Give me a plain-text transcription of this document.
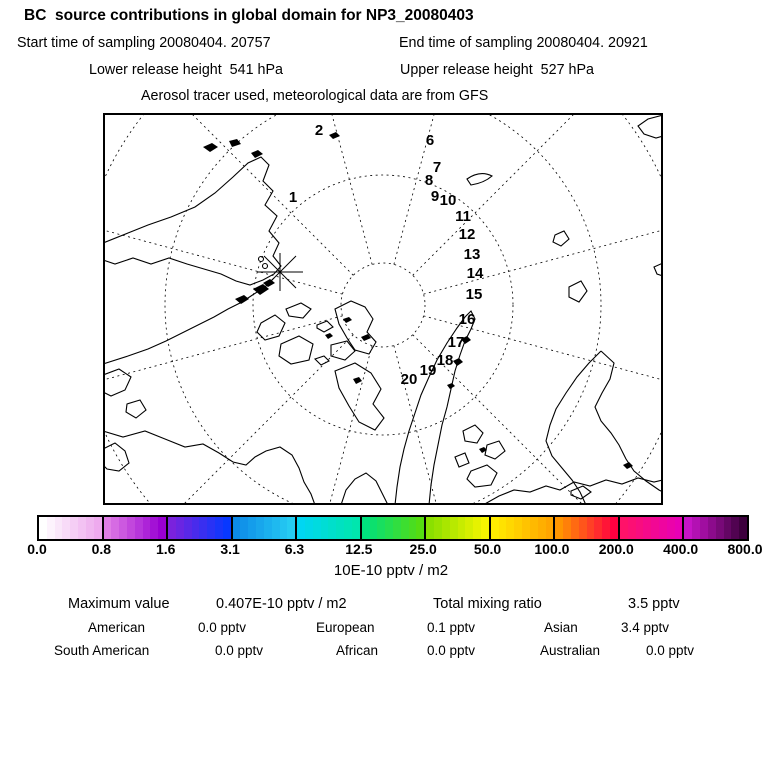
BC  source contributions in global domain for NP3_20080403
Start time of sampling 20080404. 20757	End time of sampling 20080404. 20921
Lower release height  541 hPa	Upper release height  527 hPa
Aerosol tracer used, meteorological data are from GFS
1
2
6
7
8
9 10
11
12
13
14
15
16
17
18
19
20
0.0	0.8	1.6	3.1	6.3	12.5	25.0	50.0 100.0 200.0 400.0 800.0
10E-10 pptv / m2
Maximum value	0.407E-10 pptv / m2	Total mixing ratio	3.5 pptv
American	0.0 pptv	European	0.1 pptv	Asian	3.4 pptv
South American	0.0 pptv	African	0.0 pptv	Australian	0.0 pptv
